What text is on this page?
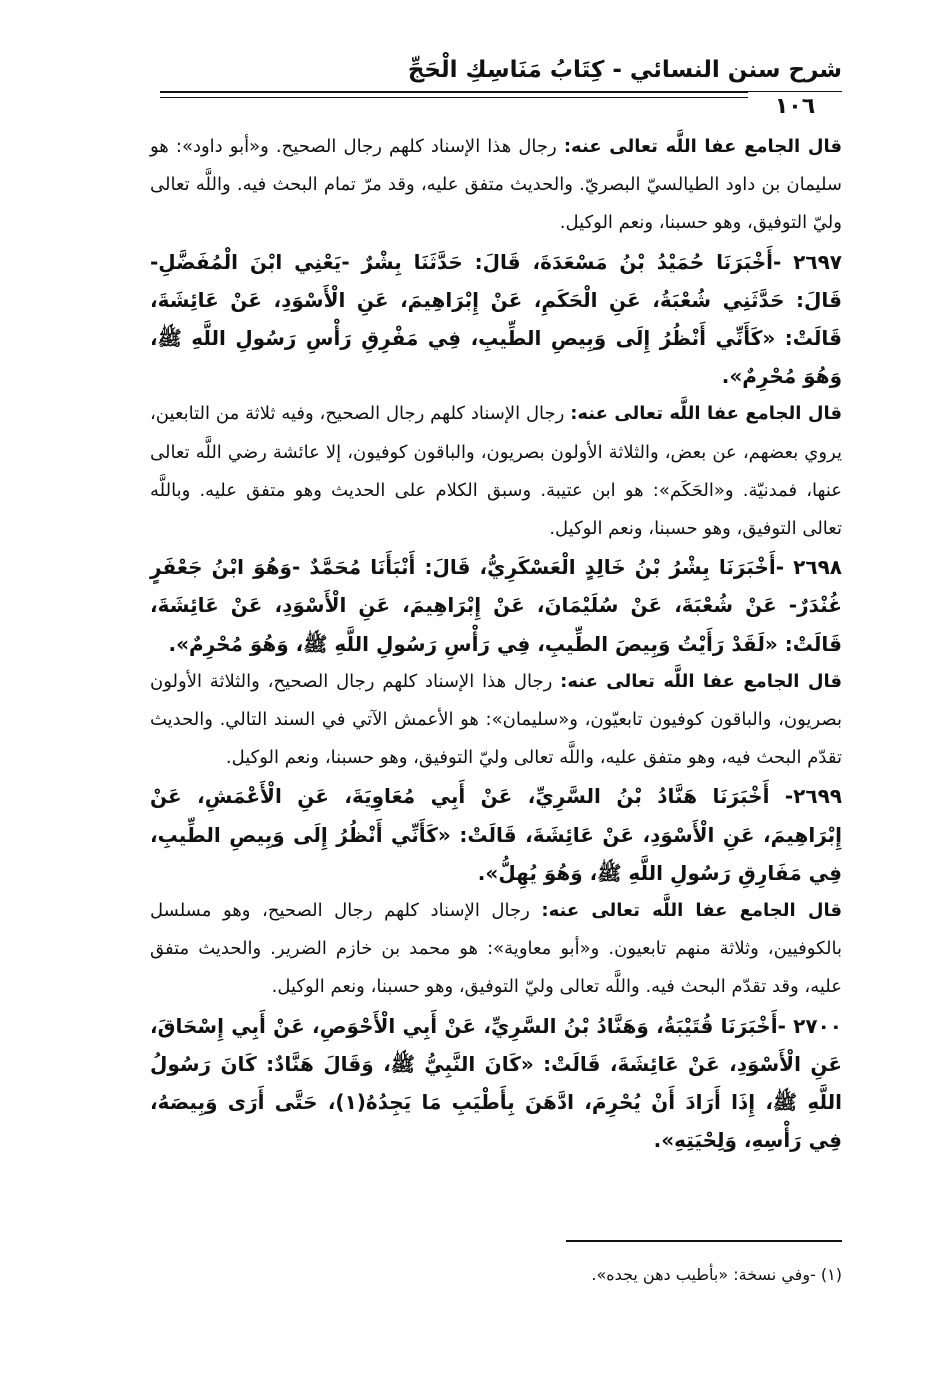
شرح سنن النسائي - كِتَابُ مَنَاسِكِ الْحَجِّ
١٠٦

قال الجامع عفا اللَّه تعالى عنه: رجال هذا الإسناد كلهم رجال الصحيح. و«أبو داود»: هو سليمان بن داود الطيالسيّ البصريّ. والحديث متفق عليه، وقد مرّ تمام البحث فيه. واللَّه تعالى وليّ التوفيق، وهو حسبنا، ونعم الوكيل.

٢٦٩٧ -أَخْبَرَنَا حُمَيْدُ بْنُ مَسْعَدَةَ، قَالَ: حَدَّثَنَا بِشْرٌ -يَعْنِي ابْنَ الْمُفَضَّلِ- قَالَ: حَدَّثَنِي شُعْبَةُ، عَنِ الْحَكَمِ، عَنْ إِبْرَاهِيمَ، عَنِ الْأَسْوَدِ، عَنْ عَائِشَةَ، قَالَتْ: «كَأَنِّي أَنْظُرُ إِلَى وَبِيصِ الطِّيبِ، فِي مَفْرِقِ رَأْسِ رَسُولِ اللَّهِ ﷺ، وَهُوَ مُحْرِمٌ».

قال الجامع عفا اللَّه تعالى عنه: رجال الإسناد كلهم رجال الصحيح، وفيه ثلاثة من التابعين، يروي بعضهم، عن بعض، والثلاثة الأولون بصريون، والباقون كوفيون، إلا عائشة رضي اللَّه تعالى عنها، فمدنيّة. و«الحَكَم»: هو ابن عتيبة. وسبق الكلام على الحديث وهو متفق عليه. وباللَّه تعالى التوفيق، وهو حسبنا، ونعم الوكيل.

٢٦٩٨ -أَخْبَرَنَا بِشْرُ بْنُ خَالِدٍ الْعَسْكَرِيُّ، قَالَ: أَنْبَأَنَا مُحَمَّدٌ -وَهُوَ ابْنُ جَعْفَرٍ غُنْدَرٌ- عَنْ شُعْبَةَ، عَنْ سُلَيْمَانَ، عَنْ إِبْرَاهِيمَ، عَنِ الْأَسْوَدِ، عَنْ عَائِشَةَ، قَالَتْ: «لَقَدْ رَأَيْتُ وَبِيصَ الطِّيبِ، فِي رَأْسِ رَسُولِ اللَّهِ ﷺ، وَهُوَ مُحْرِمٌ».

قال الجامع عفا اللَّه تعالى عنه: رجال هذا الإسناد كلهم رجال الصحيح، والثلاثة الأولون بصريون، والباقون كوفيون تابعيّون، و«سليمان»: هو الأعمش الآتي في السند التالي. والحديث تقدّم البحث فيه، وهو متفق عليه، واللَّه تعالى وليّ التوفيق، وهو حسبنا، ونعم الوكيل.

٢٦٩٩- أَخْبَرَنَا هَنَّادُ بْنُ السَّرِيِّ، عَنْ أَبِي مُعَاوِيَةَ، عَنِ الْأَعْمَشِ، عَنْ إِبْرَاهِيمَ، عَنِ الْأَسْوَدِ، عَنْ عَائِشَةَ، قَالَتْ: «كَأَنِّي أَنْظُرُ إِلَى وَبِيصِ الطِّيبِ، فِي مَفَارِقِ رَسُولِ اللَّهِ ﷺ، وَهُوَ يُهِلُّ».

قال الجامع عفا اللَّه تعالى عنه: رجال الإسناد كلهم رجال الصحيح، وهو مسلسل بالكوفيين، وثلاثة منهم تابعيون. و«أبو معاوية»: هو محمد بن خازم الضرير. والحديث متفق عليه، وقد تقدّم البحث فيه. واللَّه تعالى وليّ التوفيق، وهو حسبنا، ونعم الوكيل.

٢٧٠٠ -أَخْبَرَنَا قُتَيْبَةُ، وَهَنَّادُ بْنُ السَّرِيِّ، عَنْ أَبِي الْأَحْوَصِ، عَنْ أَبِي إِسْحَاقَ، عَنِ الْأَسْوَدِ، عَنْ عَائِشَةَ، قَالَتْ: «كَانَ النَّبِيُّ ﷺ، وَقَالَ هَنَّادٌ: كَانَ رَسُولُ اللَّهِ ﷺ، إِذَا أَرَادَ أَنْ يُحْرِمَ، ادَّهَنَ بِأَطْيَبِ مَا يَجِدُهُ(١)، حَتَّى أَرَى وَبِيصَهُ، فِي رَأْسِهِ، وَلِحْيَتِهِ».

(١) -وفي نسخة: «بأطيب دهن يجده».
